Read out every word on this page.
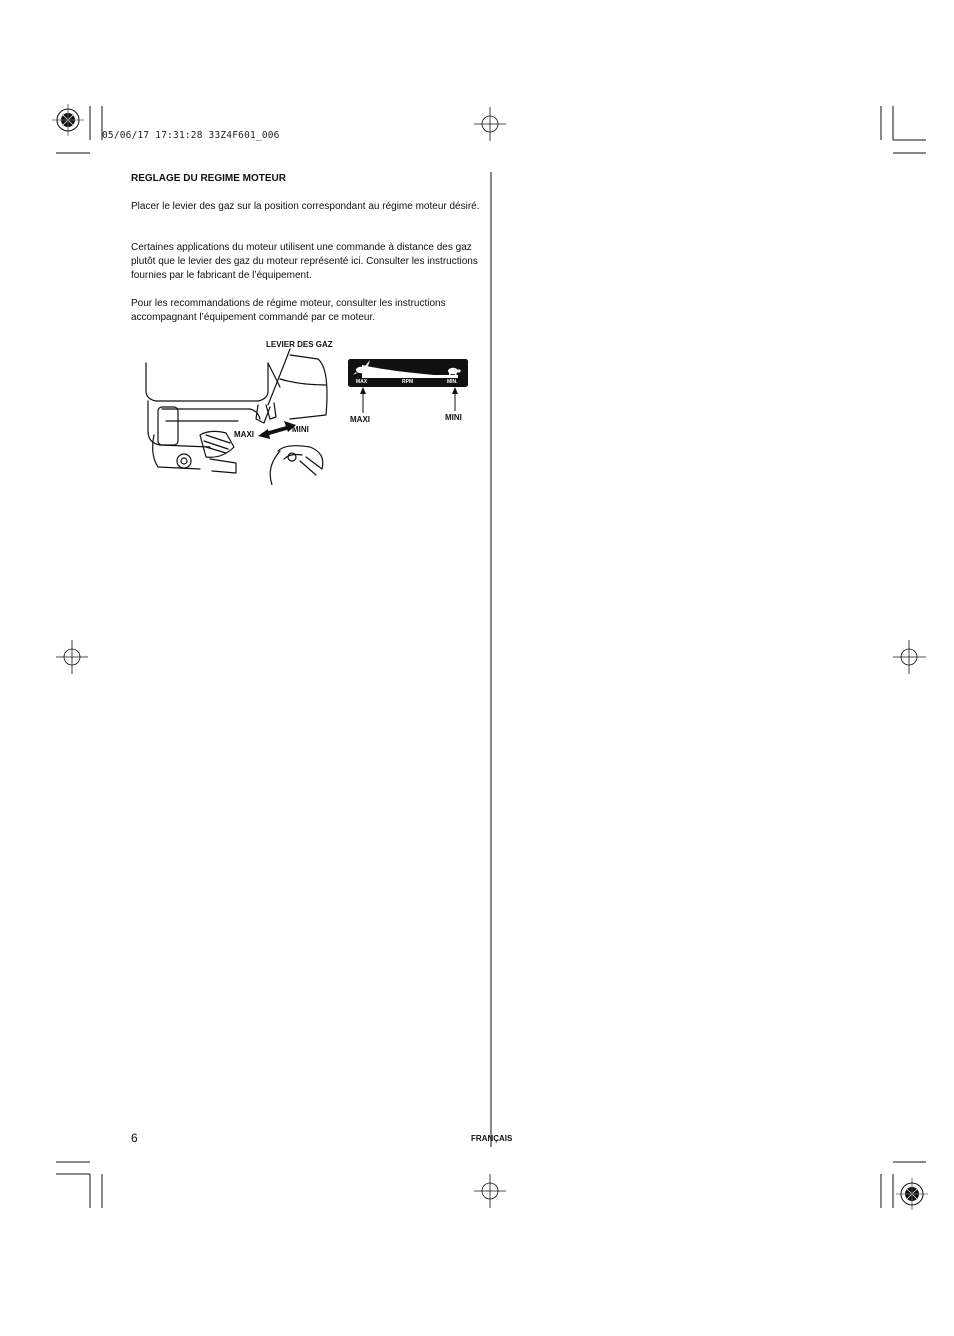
05/06/17 17:31:28 33Z4F601_006
REGLAGE DU REGIME MOTEUR
Placer le levier des gaz sur la position correspondant au régime moteur désiré.
Certaines applications du moteur utilisent une commande à distance des gaz plutôt que le levier des gaz du moteur représenté ici. Consulter les instructions fournies par le fabricant de l’équipement.
Pour les recommandations de régime moteur, consulter les instructions accompagnant l’équipement commandé par ce moteur.
LEVIER DES GAZ
MAXI
MINI
MAX	RPM	MIN.
MAXI	MINI
6	FRANÇAIS
